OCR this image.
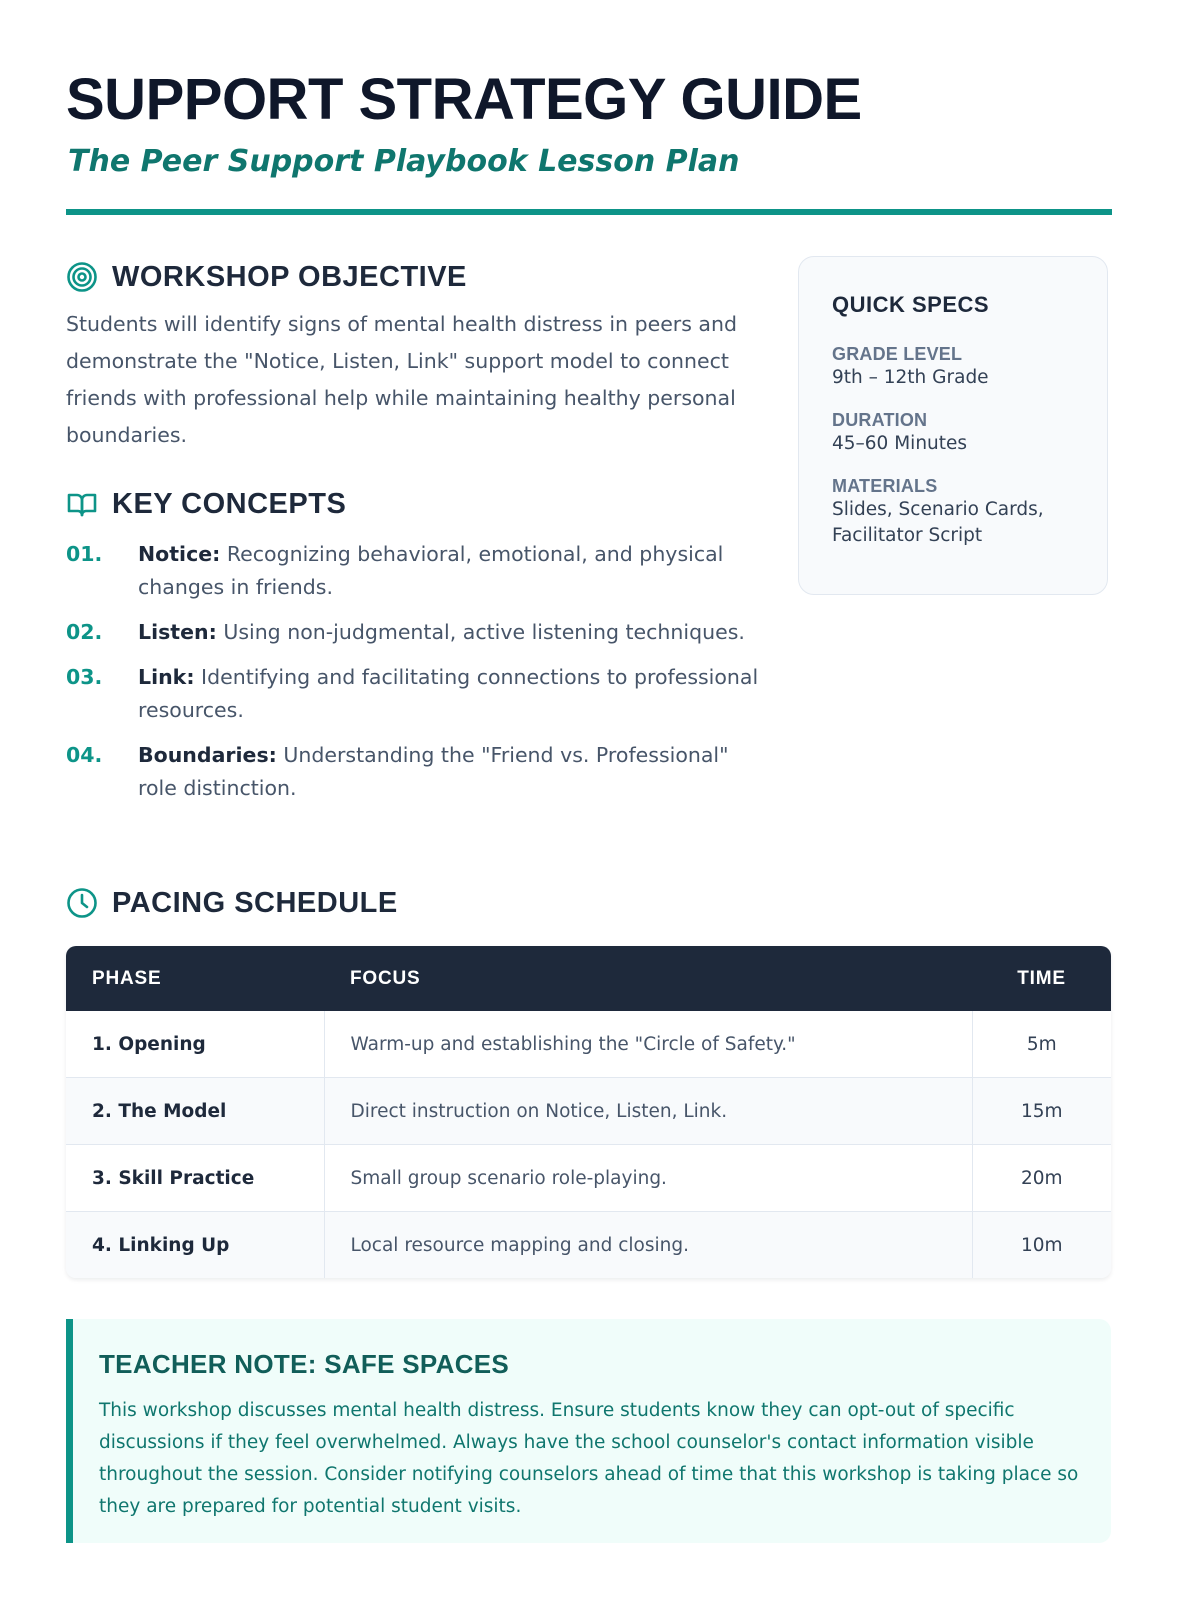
SUPPORT STRATEGY GUIDE
The Peer Support Playbook Lesson Plan
WORKSHOP OBJECTIVE

Students will identify signs of mental health distress in peers and demonstrate the "Notice, Listen, Link" support model to connect friends with professional help while maintaining healthy personal boundaries.

KEY CONCEPTS
01. Notice: Recognizing behavioral, emotional, and physical changes in friends.
02. Listen: Using non-judgmental, active listening techniques.
03. Link: Identifying and facilitating connections to professional resources.
04. Boundaries: Understanding the "Friend vs. Professional" role distinction.
QUICK SPECS
GRADE LEVEL
9th – 12th Grade
DURATION
45–60 Minutes
MATERIALS
Slides, Scenario Cards, Facilitator Script
PACING SCHEDULE
PHASE	FOCUS	TIME
1. Opening	Warm-up and establishing the "Circle of Safety."	5m
2. The Model	Direct instruction on Notice, Listen, Link.	15m
3. Skill Practice	Small group scenario role-playing.	20m
4. Linking Up	Local resource mapping and closing.	10m
TEACHER NOTE: SAFE SPACES

This workshop discusses mental health distress. Ensure students know they can opt-out of specific discussions if they feel overwhelmed. Always have the school counselor's contact information visible throughout the session. Consider notifying counselors ahead of time that this workshop is taking place so they are prepared for potential student visits.
